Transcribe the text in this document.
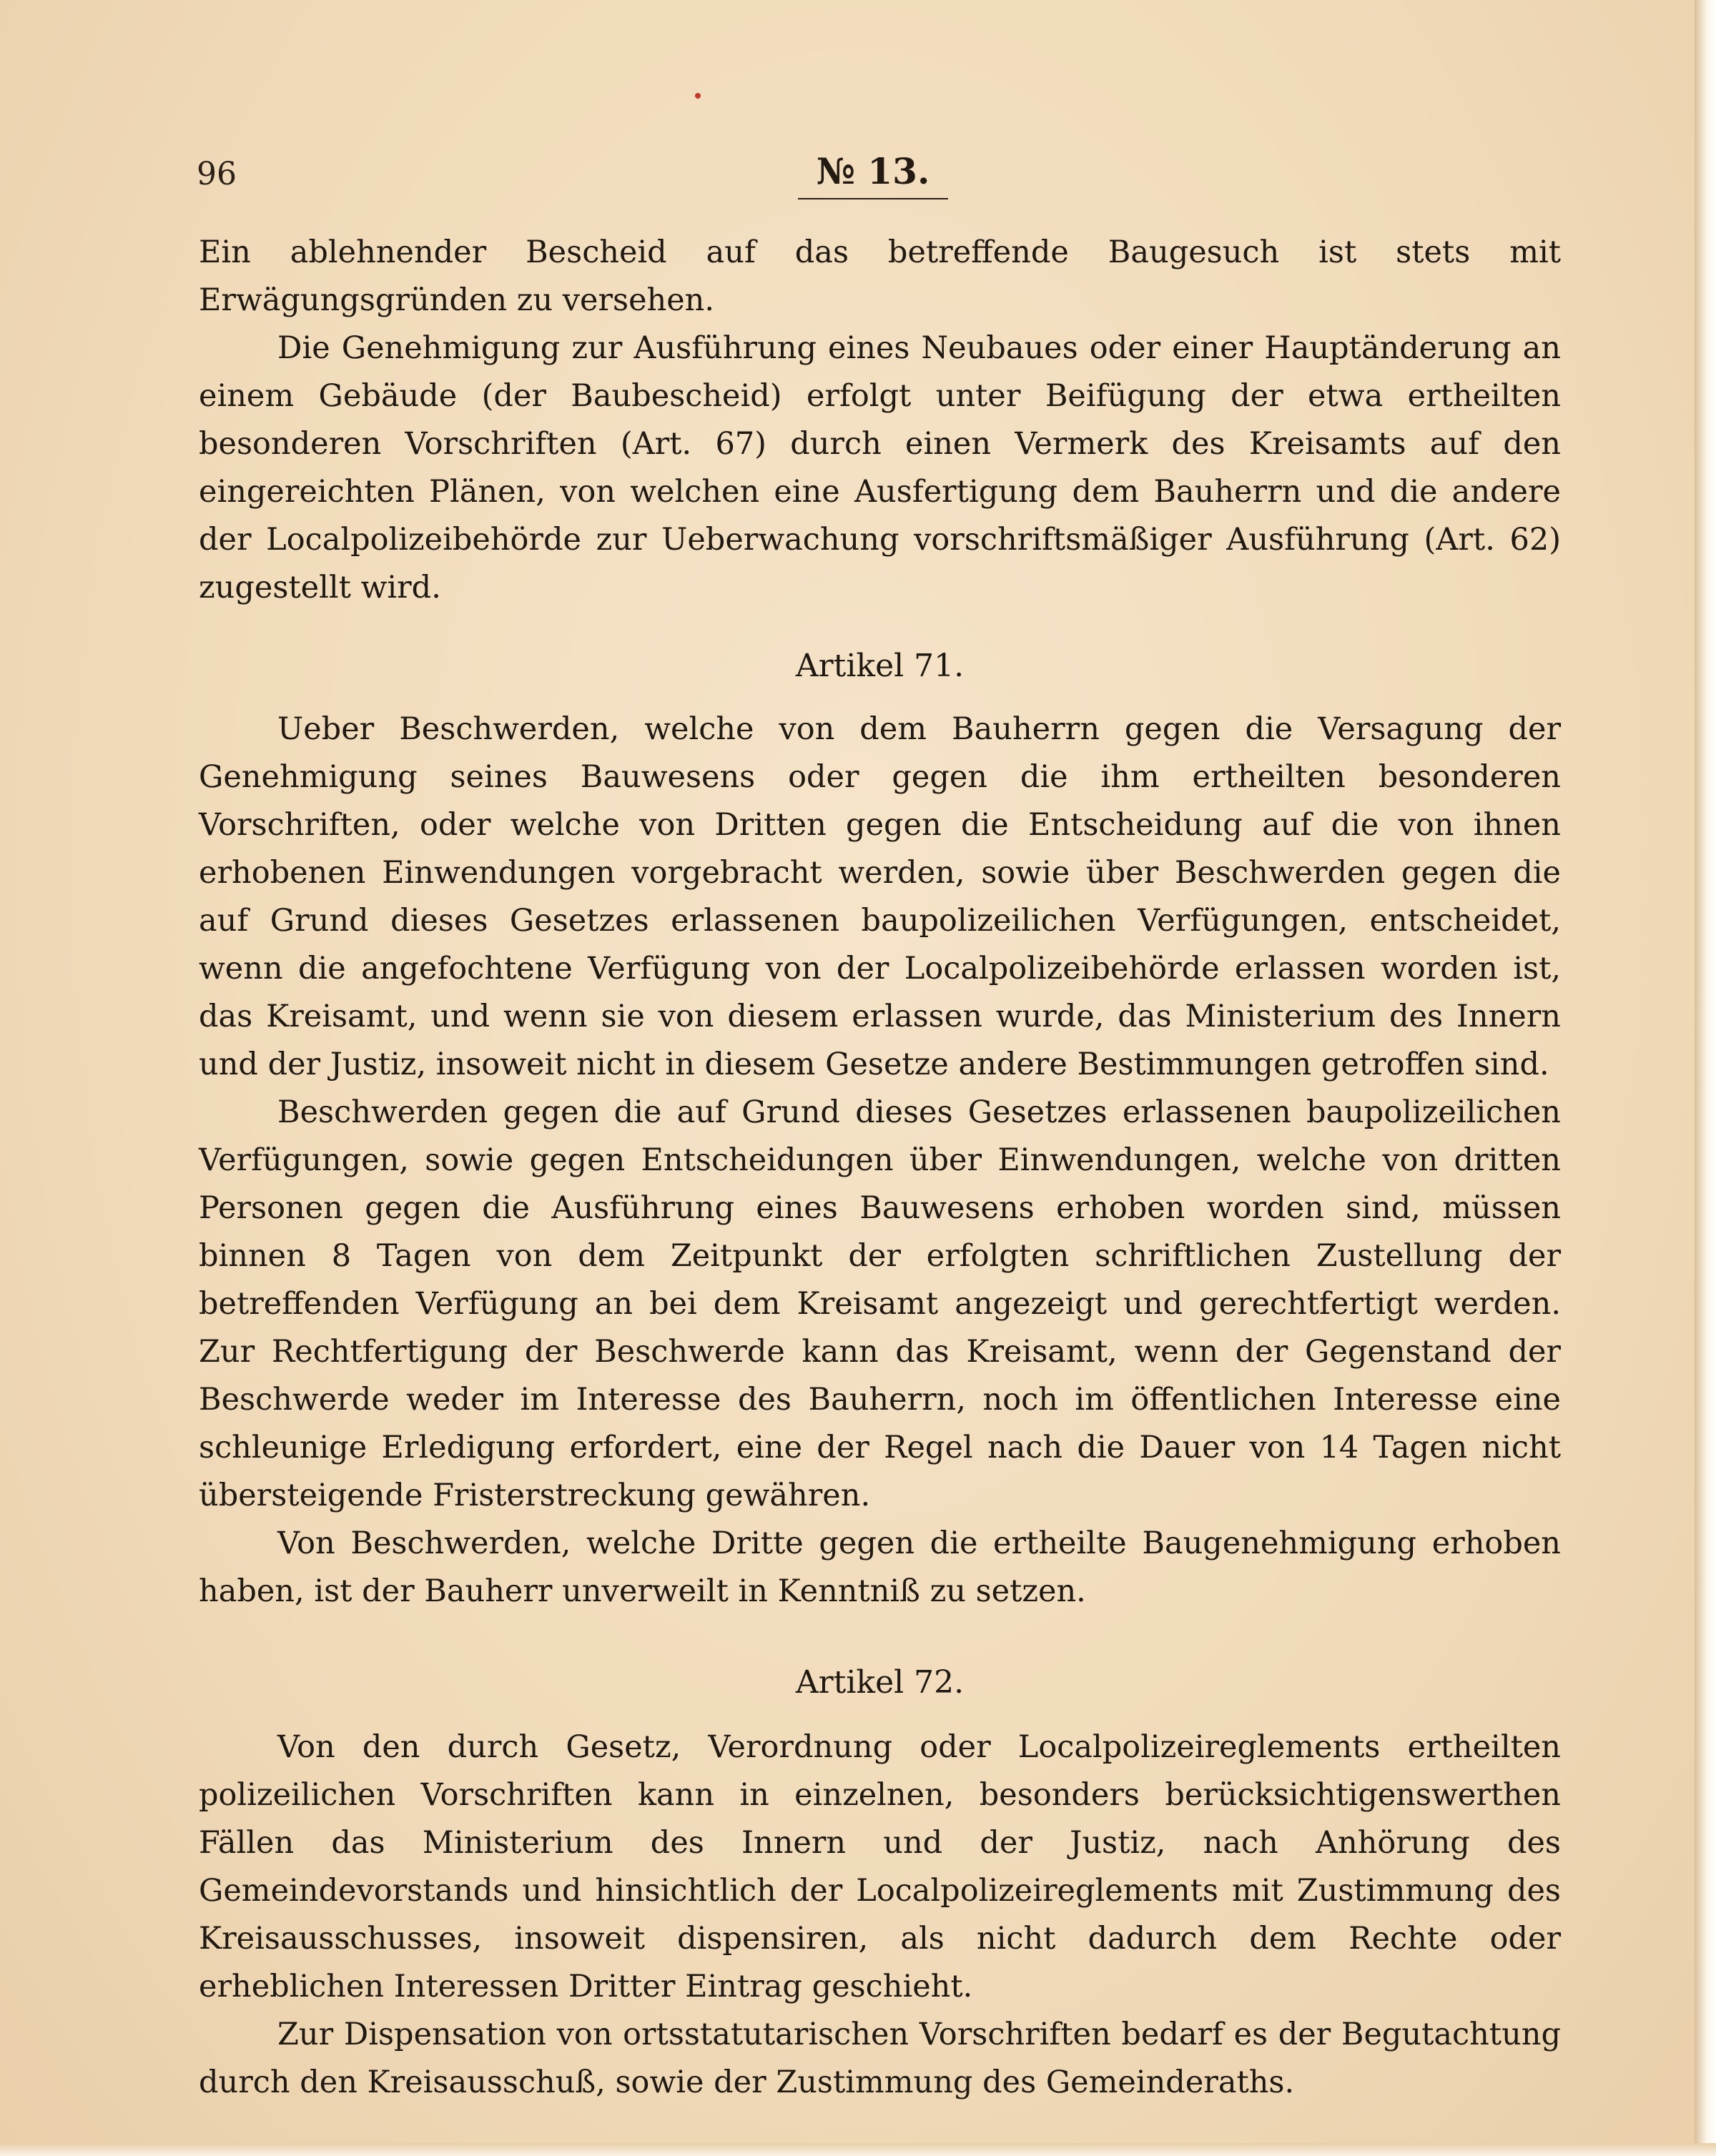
96	№ 13.

Ein ablehnender Bescheid auf das betreffende Baugesuch ist stets mit Erwägungsgründen zu versehen.

Die Genehmigung zur Ausführung eines Neubaues oder einer Hauptänderung an einem Gebäude (der Baubescheid) erfolgt unter Beifügung der etwa ertheilten besonderen Vorschriften (Art. 67) durch einen Vermerk des Kreisamts auf den eingereichten Plänen, von welchen eine Ausfertigung dem Bauherrn und die andere der Localpolizeibehörde zur Ueberwachung vorschriftsmäßiger Ausführung (Art. 62) zugestellt wird.

Artikel 71.

Ueber Beschwerden, welche von dem Bauherrn gegen die Versagung der Genehmigung seines Bauwesens oder gegen die ihm ertheilten besonderen Vorschriften, oder welche von Dritten gegen die Entscheidung auf die von ihnen erhobenen Einwendungen vorgebracht werden, sowie über Beschwerden gegen die auf Grund dieses Gesetzes erlassenen baupolizeilichen Verfügungen, entscheidet, wenn die angefochtene Verfügung von der Localpolizeibehörde erlassen worden ist, das Kreisamt, und wenn sie von diesem erlassen wurde, das Ministerium des Innern und der Justiz, insoweit nicht in diesem Gesetze andere Bestimmungen getroffen sind.

Beschwerden gegen die auf Grund dieses Gesetzes erlassenen baupolizeilichen Verfügungen, sowie gegen Entscheidungen über Einwendungen, welche von dritten Personen gegen die Ausführung eines Bauwesens erhoben worden sind, müssen binnen 8 Tagen von dem Zeitpunkt der erfolgten schriftlichen Zustellung der betreffenden Verfügung an bei dem Kreisamt angezeigt und gerechtfertigt werden. Zur Rechtfertigung der Beschwerde kann das Kreisamt, wenn der Gegenstand der Beschwerde weder im Interesse des Bauherrn, noch im öffentlichen Interesse eine schleunige Erledigung erfordert, eine der Regel nach die Dauer von 14 Tagen nicht übersteigende Fristerstreckung gewähren.

Von Beschwerden, welche Dritte gegen die ertheilte Baugenehmigung erhoben haben, ist der Bauherr unverweilt in Kenntniß zu setzen.

Artikel 72.

Von den durch Gesetz, Verordnung oder Localpolizeireglements ertheilten polizeilichen Vorschriften kann in einzelnen, besonders berücksichtigenswerthen Fällen das Ministerium des Innern und der Justiz, nach Anhörung des Gemeindevorstands und hinsichtlich der Localpolizeireglements mit Zustimmung des Kreisausschusses, insoweit dispensiren, als nicht dadurch dem Rechte oder erheblichen Interessen Dritter Eintrag geschieht.

Zur Dispensation von ortsstatutarischen Vorschriften bedarf es der Begutachtung durch den Kreisausschuß, sowie der Zustimmung des Gemeinderaths.
